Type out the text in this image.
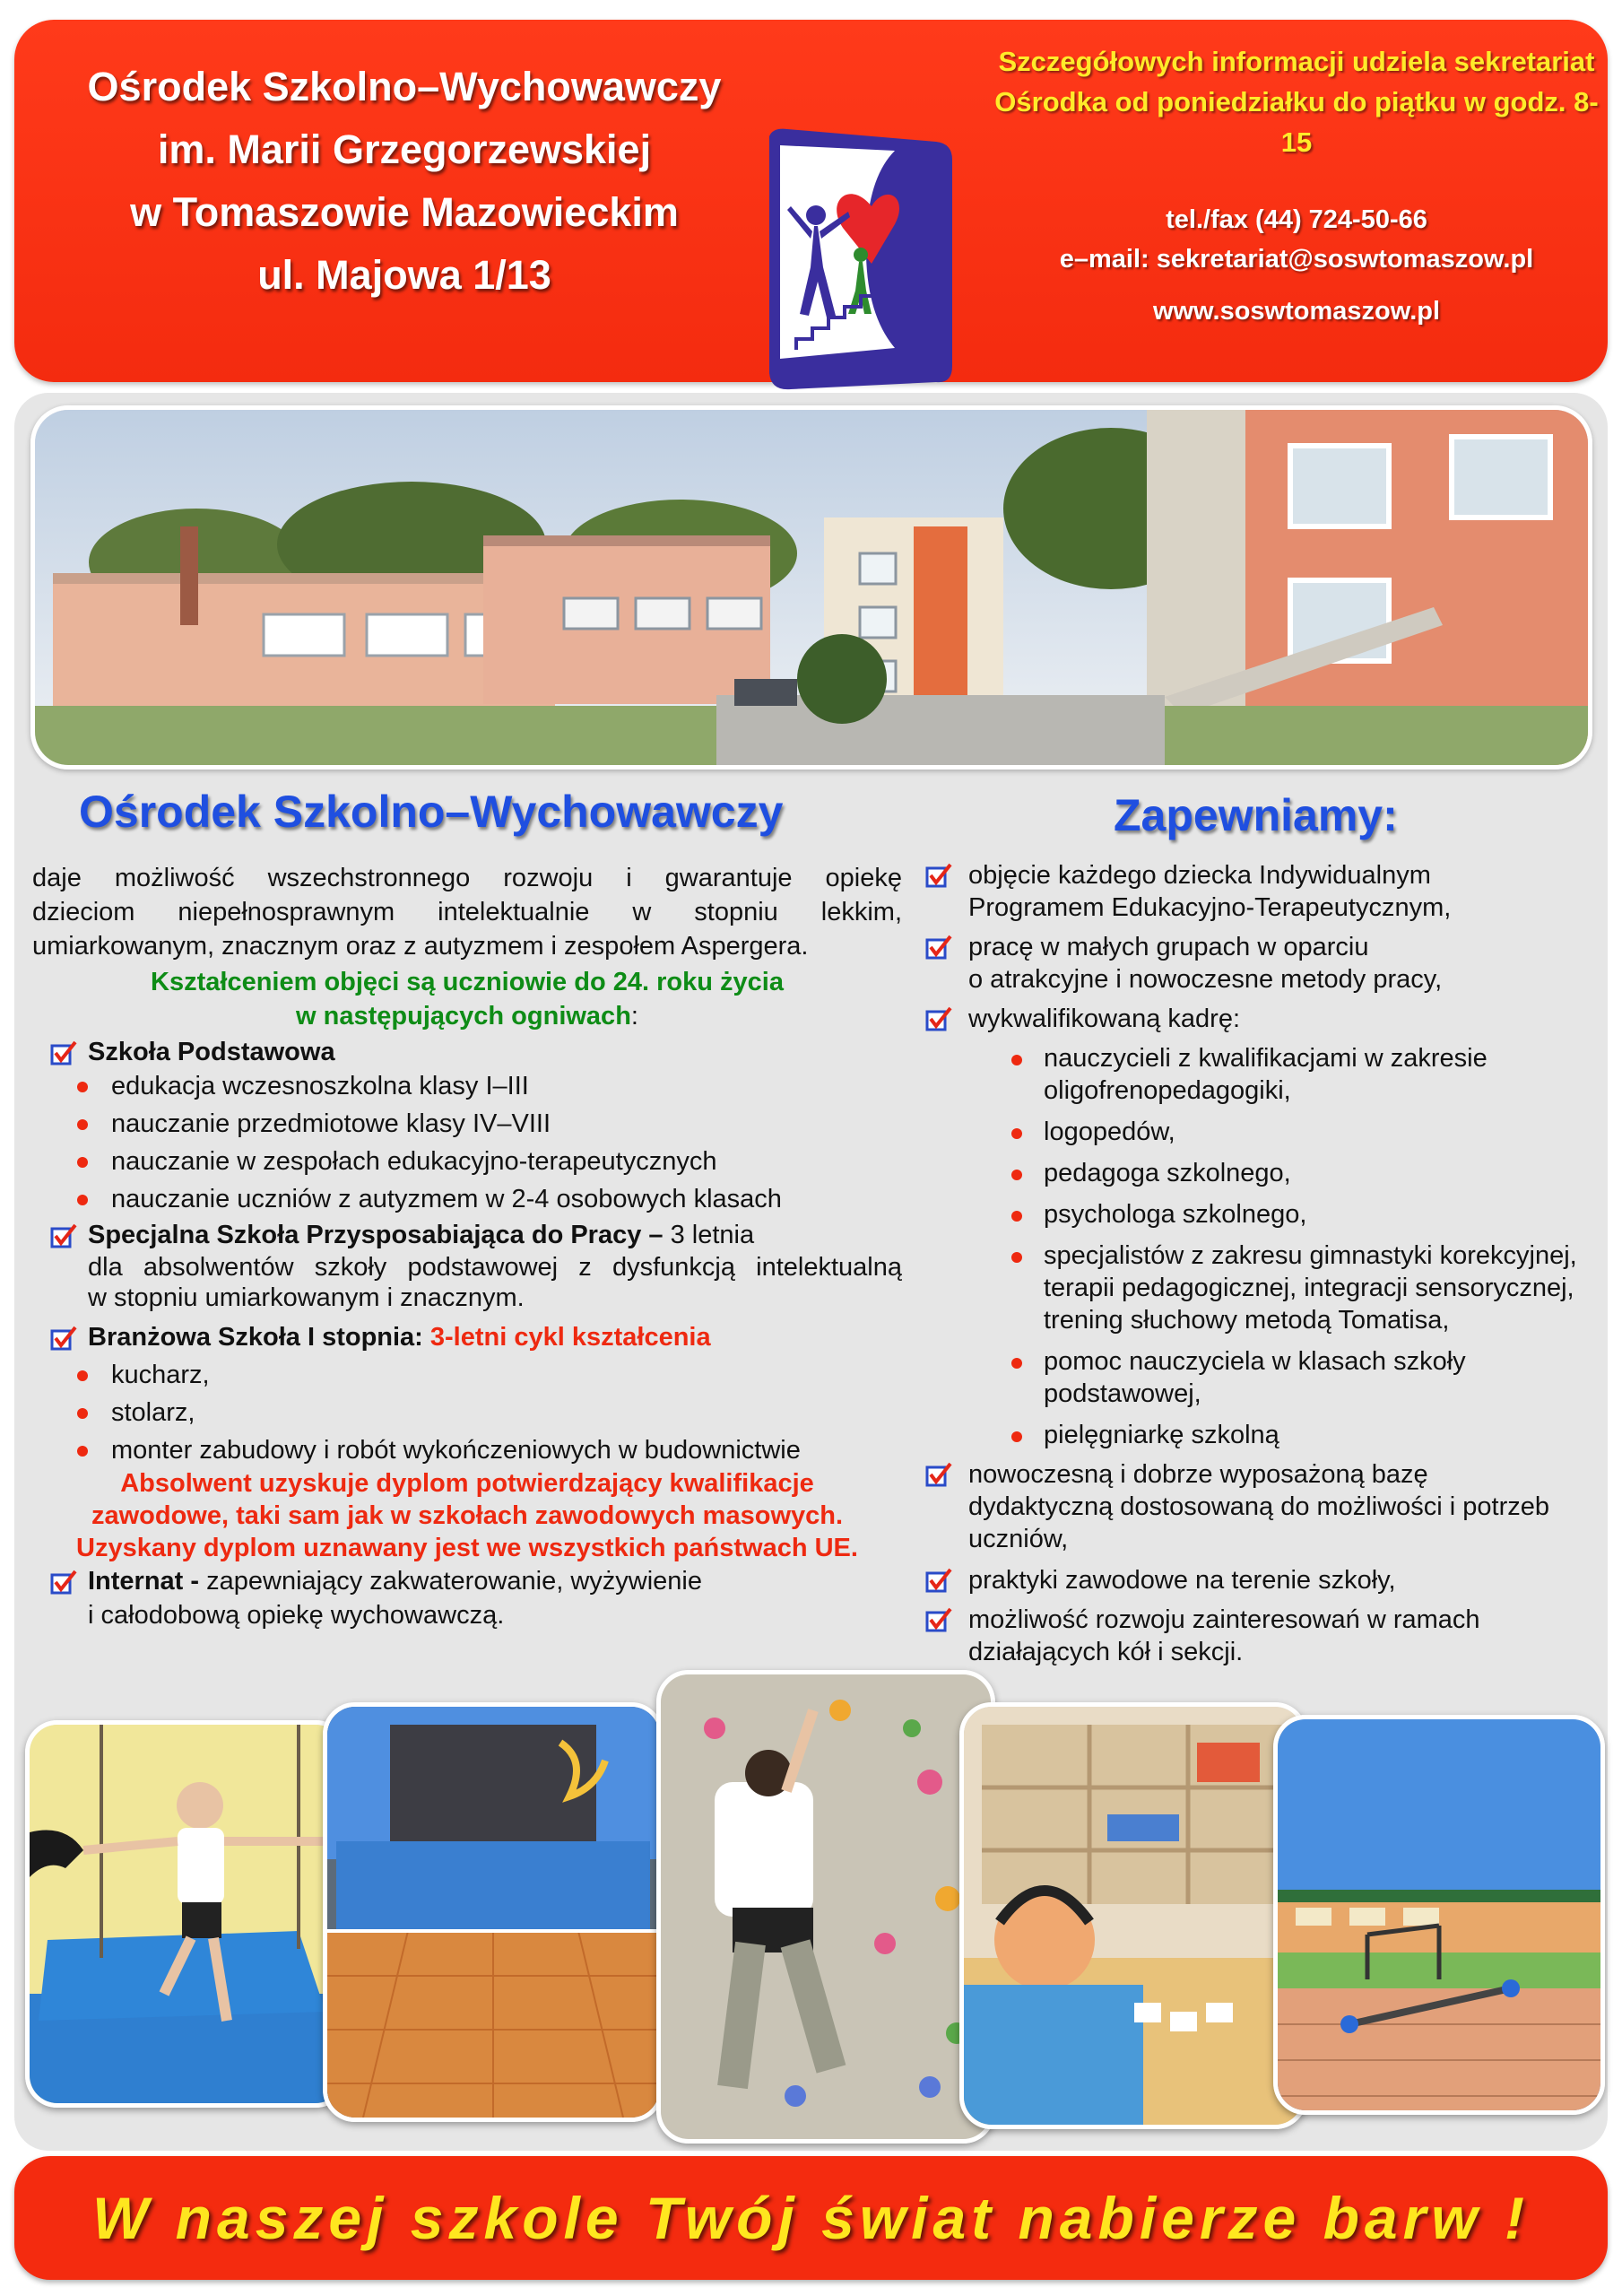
Ośrodek Szkolno–Wychowawczy
im. Marii Grzegorzewskiej
w Tomaszowie Mazowieckim
ul. Majowa 1/13
Szczegółowych informacji udziela sekretariat
Ośrodka od poniedziałku do piątku w godz. 8-15
tel./fax (44) 724-50-66
e–mail: sekretariat@soswtomaszow.pl
www.soswtomaszow.pl
Ośrodek Szkolno–Wychowawczy
daje możliwość wszechstronnego rozwoju i gwarantuje opiekę
dzieciom niepełnosprawnym intelektualnie w stopniu lekkim,
umiarkowanym, znacznym oraz z autyzmem i zespołem Aspergera.
Kształceniem objęci są uczniowie do 24. roku życia
w następujących ogniwach:
Szkoła Podstawowa
edukacja wczesnoszkolna klasy I–III
nauczanie przedmiotowe klasy IV–VIII
nauczanie w zespołach edukacyjno-terapeutycznych
nauczanie uczniów z autyzmem w 2-4 osobowych klasach
Specjalna Szkoła Przysposabiająca do Pracy – 3 letnia
dla absolwentów szkoły podstawowej z dysfunkcją intelektualną
w stopniu umiarkowanym i znacznym.
Branżowa Szkoła I stopnia: 3-letni cykl kształcenia
kucharz,
stolarz,
monter zabudowy i robót wykończeniowych w budownictwie
Absolwent uzyskuje dyplom potwierdzający kwalifikacje
zawodowe, taki sam jak w szkołach zawodowych masowych.
Uzyskany dyplom uznawany jest we wszystkich państwach UE.
Internat - zapewniający zakwaterowanie, wyżywienie
i całodobową opiekę wychowawczą.
Zapewniamy:
objęcie każdego dziecka Indywidualnym
Programem Edukacyjno-Terapeutycznym,
pracę w małych grupach w oparciu
o atrakcyjne i nowoczesne metody pracy,
wykwalifikowaną kadrę:
nauczycieli z kwalifikacjami w zakresie
oligofrenopedagogiki,
logopedów,
pedagoga szkolnego,
psychologa szkolnego,
specjalistów z zakresu gimnastyki korekcyjnej,
terapii pedagogicznej, integracji sensorycznej,
trening słuchowy metodą Tomatisa,
pomoc nauczyciela w klasach szkoły
podstawowej,
pielęgniarkę szkolną
nowoczesną i dobrze wyposażoną bazę
dydaktyczną dostosowaną do możliwości i potrzeb
uczniów,
praktyki zawodowe na terenie szkoły,
możliwość rozwoju zainteresowań w ramach
działających kół i sekcji.
W naszej szkole Twój świat nabierze barw !
